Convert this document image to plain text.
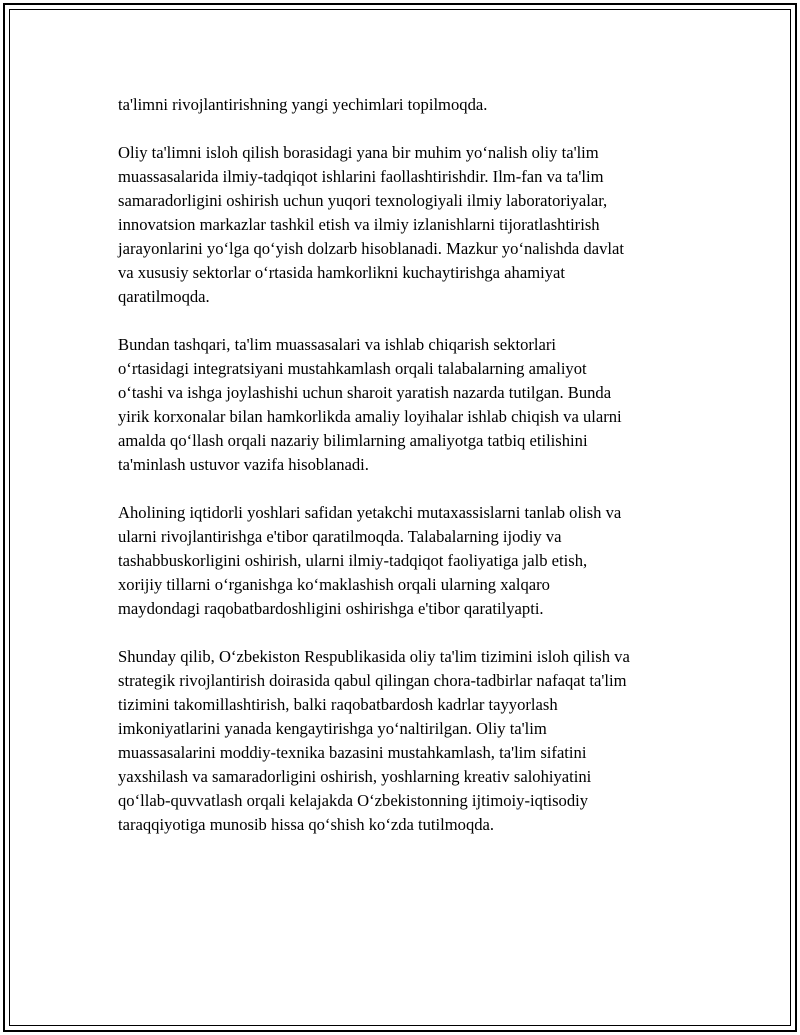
ta'limni rivojlantirishning yangi yechimlari topilmoqda.
Oliy ta'limni isloh qilish borasidagi yana bir muhim yo‘nalish oliy ta'lim
muassasalarida ilmiy-tadqiqot ishlarini faollashtirishdir. Ilm-fan va ta'lim
samaradorligini oshirish uchun yuqori texnologiyali ilmiy laboratoriyalar,
innovatsion markazlar tashkil etish va ilmiy izlanishlarni tijoratlashtirish
jarayonlarini yo‘lga qo‘yish dolzarb hisoblanadi. Mazkur yo‘nalishda davlat
va xususiy sektorlar o‘rtasida hamkorlikni kuchaytirishga ahamiyat
qaratilmoqda.
Bundan tashqari, ta'lim muassasalari va ishlab chiqarish sektorlari
o‘rtasidagi integratsiyani mustahkamlash orqali talabalarning amaliyot
o‘tashi va ishga joylashishi uchun sharoit yaratish nazarda tutilgan. Bunda
yirik korxonalar bilan hamkorlikda amaliy loyihalar ishlab chiqish va ularni
amalda qo‘llash orqali nazariy bilimlarning amaliyotga tatbiq etilishini
ta'minlash ustuvor vazifa hisoblanadi.
Aholining iqtidorli yoshlari safidan yetakchi mutaxassislarni tanlab olish va
ularni rivojlantirishga e'tibor qaratilmoqda. Talabalarning ijodiy va
tashabbuskorligini oshirish, ularni ilmiy-tadqiqot faoliyatiga jalb etish,
xorijiy tillarni o‘rganishga ko‘maklashish orqali ularning xalqaro
maydondagi raqobatbardoshligini oshirishga e'tibor qaratilyapti.
Shunday qilib, O‘zbekiston Respublikasida oliy ta'lim tizimini isloh qilish va
strategik rivojlantirish doirasida qabul qilingan chora-tadbirlar nafaqat ta'lim
tizimini takomillashtirish, balki raqobatbardosh kadrlar tayyorlash
imkoniyatlarini yanada kengaytirishga yo‘naltirilgan. Oliy ta'lim
muassasalarini moddiy-texnika bazasini mustahkamlash, ta'lim sifatini
yaxshilash va samaradorligini oshirish, yoshlarning kreativ salohiyatini
qo‘llab-quvvatlash orqali kelajakda O‘zbekistonning ijtimoiy-iqtisodiy
taraqqiyotiga munosib hissa qo‘shish ko‘zda tutilmoqda.
